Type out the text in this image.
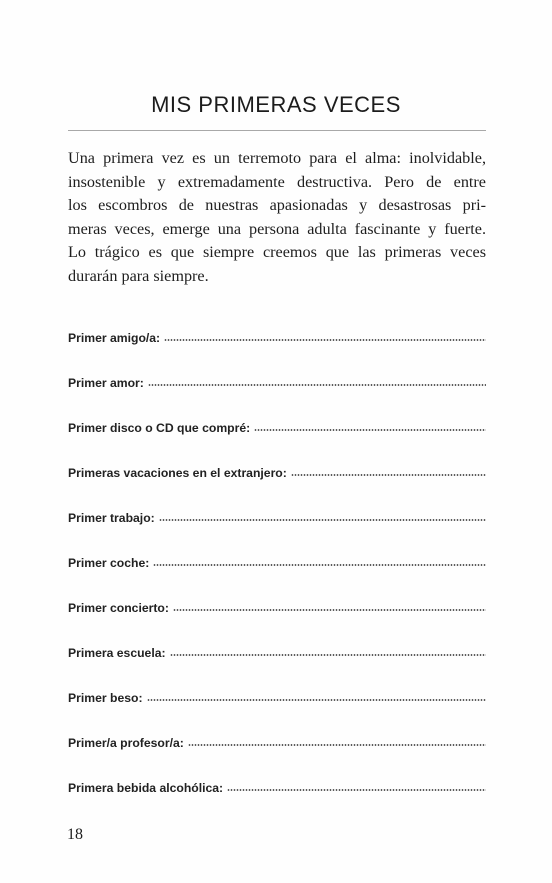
MIS PRIMERAS VECES

Una primera vez es un terremoto para el alma: inolvidable,
insostenible y extremadamente destructiva. Pero de entre
los escombros de nuestras apasionadas y desastrosas pri-
meras veces, emerge una persona adulta fascinante y fuerte.
Lo trágico es que siempre creemos que las primeras veces
durarán para siempre.

Primer amigo/a:
Primer amor:
Primer disco o CD que compré:
Primeras vacaciones en el extranjero:
Primer trabajo:
Primer coche:
Primer concierto:
Primera escuela:
Primer beso:
Primer/a profesor/a:
Primera bebida alcohólica:
18
